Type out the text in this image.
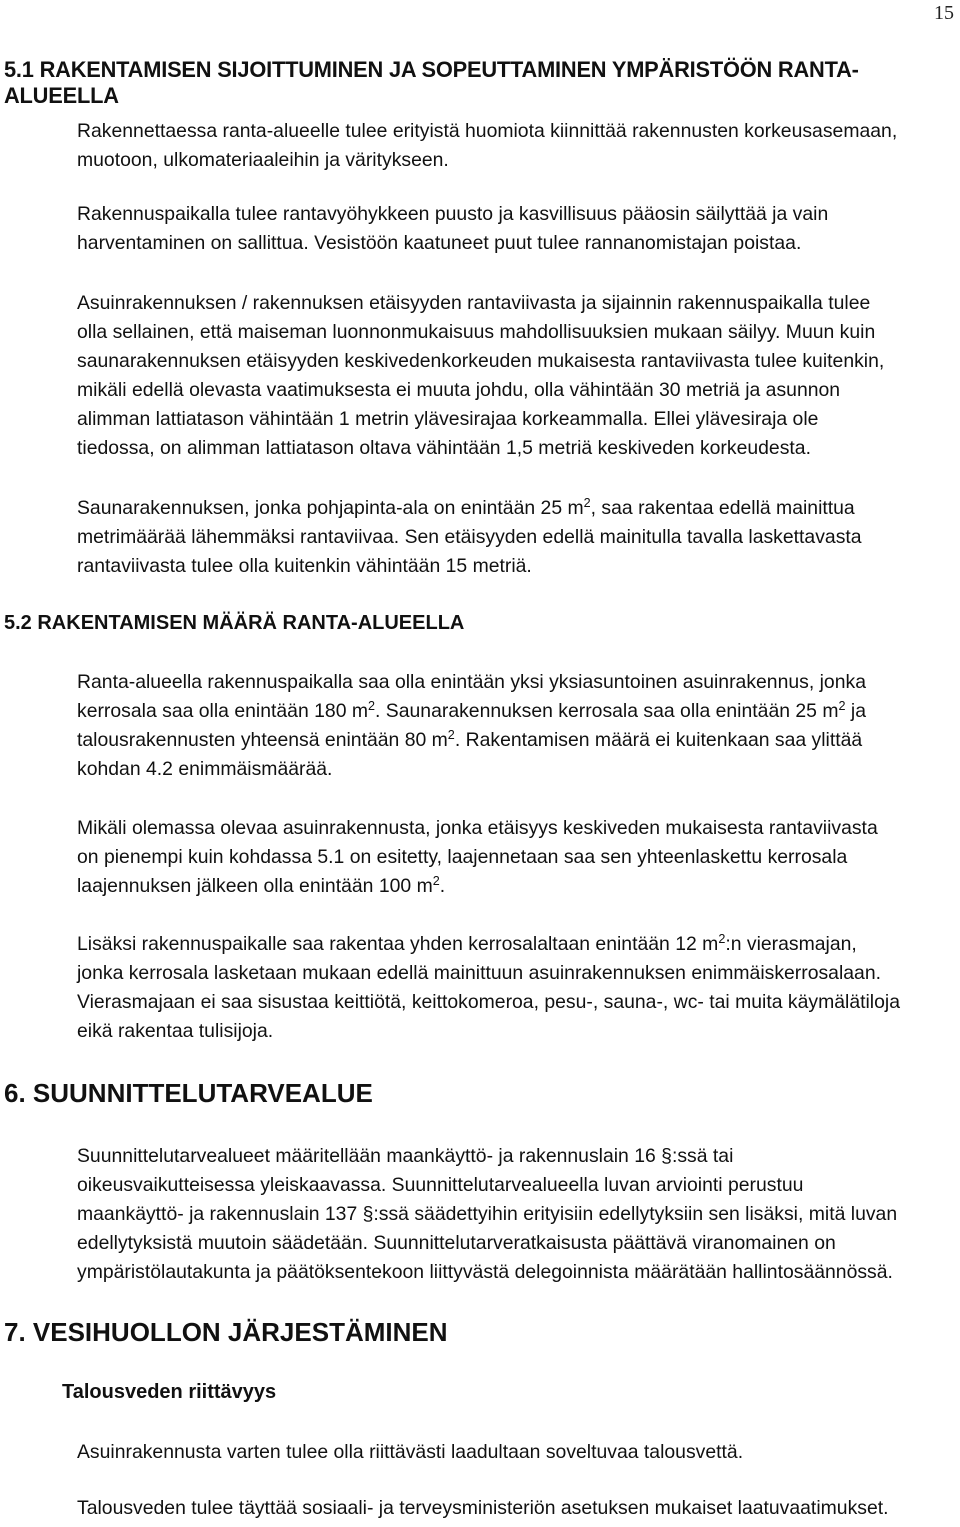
15
5.1 RAKENTAMISEN SIJOITTUMINEN JA SOPEUTTAMINEN YMPÄRISTÖÖN RANTA-ALUEELLA
Rakennettaessa ranta-alueelle tulee erityistä huomiota kiinnittää rakennusten korkeusasemaan,
muotoon, ulkomateriaaleihin ja väritykseen.
Rakennuspaikalla tulee rantavyöhykkeen puusto ja kasvillisuus pääosin säilyttää ja vain
harventaminen on sallittua. Vesistöön kaatuneet puut tulee rannanomistajan poistaa.
Asuinrakennuksen / rakennuksen etäisyyden rantaviivasta ja sijainnin rakennuspaikalla tulee
olla sellainen, että maiseman luonnonmukaisuus mahdollisuuksien mukaan säilyy. Muun kuin
saunarakennuksen etäisyyden keskivedenkorkeuden mukaisesta rantaviivasta tulee kuitenkin,
mikäli edellä olevasta vaatimuksesta ei muuta johdu, olla vähintään 30 metriä ja asunnon
alimman lattiatason vähintään 1 metrin ylävesirajaa korkeammalla. Ellei ylävesiraja ole
tiedossa, on alimman lattiatason oltava vähintään 1,5 metriä keskiveden korkeudesta.
Saunarakennuksen, jonka pohjapinta-ala on enintään 25 $m^2$, saa rakentaa edellä mainittua
metrimäärää lähemmäksi rantaviivaa. Sen etäisyyden edellä mainitulla tavalla laskettavasta
rantaviivasta tulee olla kuitenkin vähintään 15 metriä.
5.2 RAKENTAMISEN MÄÄRÄ RANTA-ALUEELLA
Ranta-alueella rakennuspaikalla saa olla enintään yksi yksiasuntoinen asuinrakennus, jonka
kerrosala saa olla enintään 180 $m^2$. Saunarakennuksen kerrosala saa olla enintään 25 $m^2$ ja
talousrakennusten yhteensä enintään 80 $m^2$. Rakentamisen määrä ei kuitenkaan saa ylittää
kohdan 4.2 enimmäismäärää.
Mikäli olemassa olevaa asuinrakennusta, jonka etäisyys keskiveden mukaisesta rantaviivasta
on pienempi kuin kohdassa 5.1 on esitetty, laajennetaan saa sen yhteenlaskettu kerrosala
laajennuksen jälkeen olla enintään 100 $m^2$.
Lisäksi rakennuspaikalle saa rakentaa yhden kerrosalaltaan enintään 12 $m^2:n$ vierasmajan,
jonka kerrosala lasketaan mukaan edellä mainittuun asuinrakennuksen enimmäiskerrosalaan.
Vierasmajaan ei saa sisustaa keittiötä, keittokomeroa, pesu-, sauna-, wc- tai muita käymälätiloja
eikä rakentaa tulisijoja.
6. SUUNNITTELUTARVEALUE
Suunnittelutarvealueet määritellään maankäyttö- ja rakennuslain 16 §:ssä tai
oikeusvaikutteisessa yleiskaavassa. Suunnittelutarvealueella luvan arviointi perustuu
maankäyttö- ja rakennuslain 137 §:ssä säädettyihin erityisiin edellytyksiin sen lisäksi, mitä luvan
edellytyksistä muutoin säädetään. Suunnittelutarveratkaisusta päättävä viranomainen on
ympäristölautakunta ja päätöksentekoon liittyvästä delegoinnista määrätään hallintosäännössä.
7. VESIHUOLLON JÄRJESTÄMINEN
Talousveden riittävyys
Asuinrakennusta varten tulee olla riittävästi laadultaan soveltuvaa talousvettä.
Talousveden tulee täyttää sosiaali- ja terveysministeriön asetuksen mukaiset laatuvaatimukset.
